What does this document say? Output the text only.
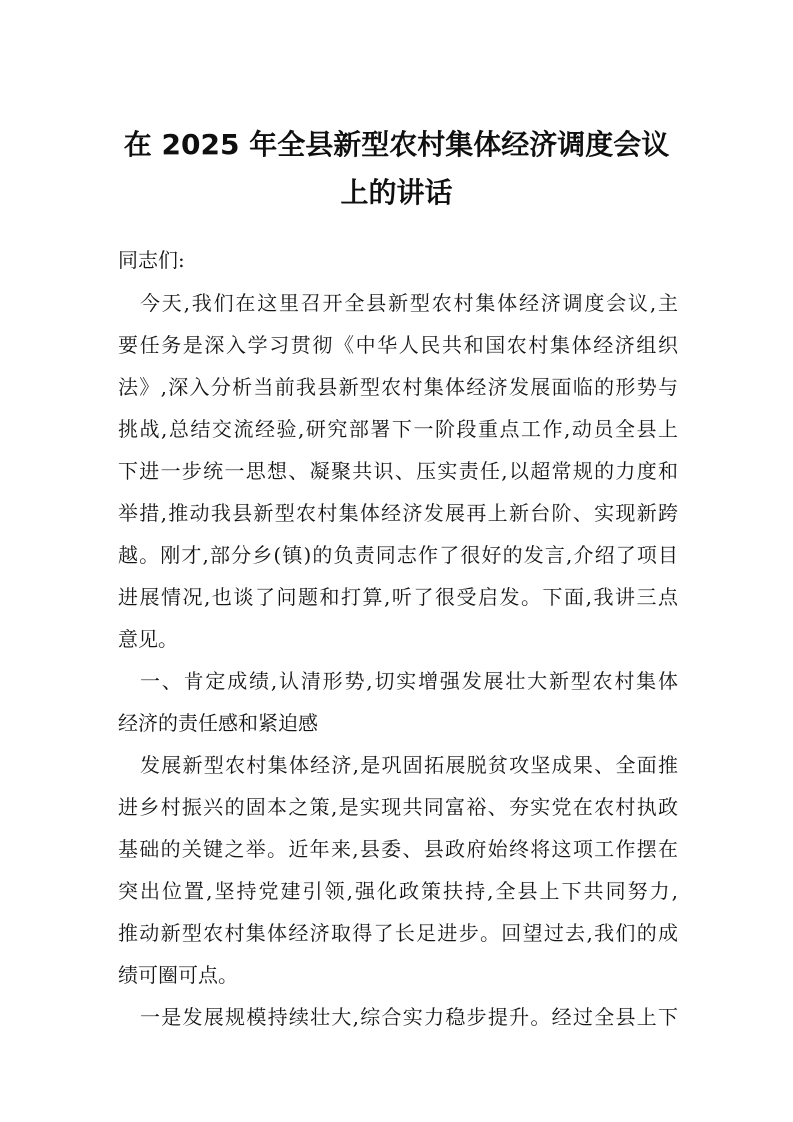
在 2025 年全县新型农村集体经济调度会议
上的讲话

同志们:

今天,我们在这里召开全县新型农村集体经济调度会议,主

要任务是深入学习贯彻《中华人民共和国农村集体经济组织

法》,深入分析当前我县新型农村集体经济发展面临的形势与

挑战,总结交流经验,研究部署下一阶段重点工作,动员全县上

下进一步统一思想、凝聚共识、压实责任,以超常规的力度和

举措,推动我县新型农村集体经济发展再上新台阶、实现新跨

越。刚才,部分乡(镇)的负责同志作了很好的发言,介绍了项目

进展情况,也谈了问题和打算,听了很受启发。下面,我讲三点

意见。

一、肯定成绩,认清形势,切实增强发展壮大新型农村集体

经济的责任感和紧迫感

发展新型农村集体经济,是巩固拓展脱贫攻坚成果、全面推

进乡村振兴的固本之策,是实现共同富裕、夯实党在农村执政

基础的关键之举。近年来,县委、县政府始终将这项工作摆在

突出位置,坚持党建引领,强化政策扶持,全县上下共同努力,

推动新型农村集体经济取得了长足进步。回望过去,我们的成

绩可圈可点。

一是发展规模持续壮大,综合实力稳步提升。经过全县上下
